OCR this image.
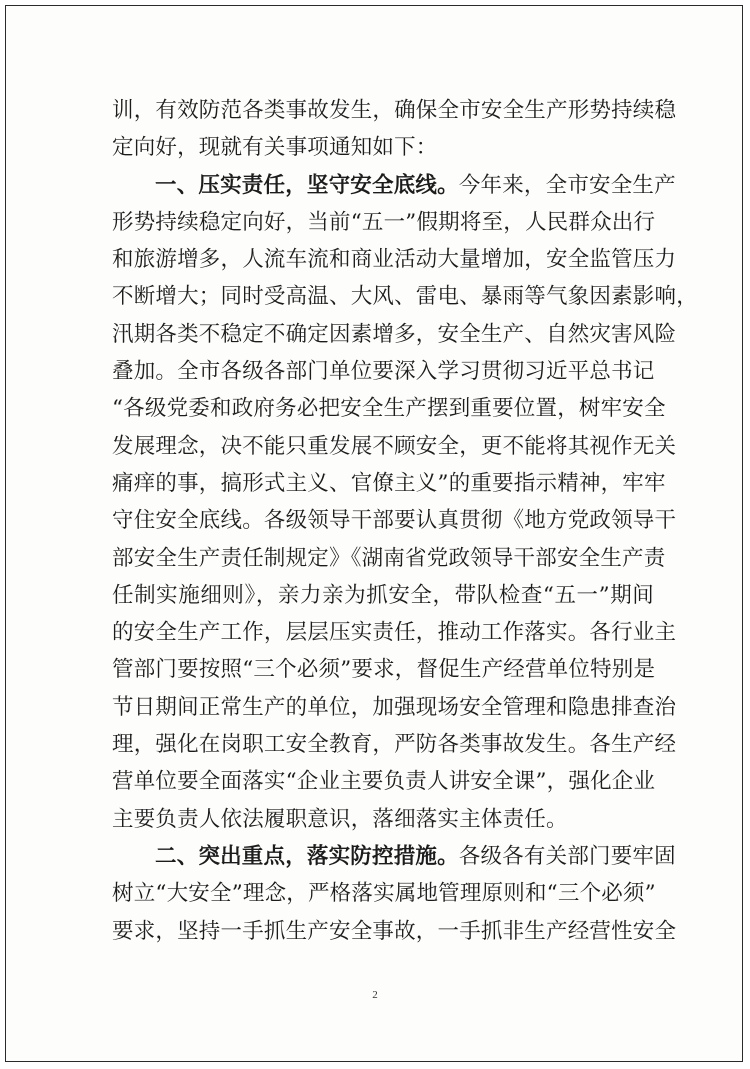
训，有效防范各类事故发生，确保全市安全生产形势持续稳
定向好，现就有关事项通知如下：
一、压实责任，坚守安全底线。今年来，全市安全生产
形势持续稳定向好，当前“五一”假期将至，人民群众出行
和旅游增多，人流车流和商业活动大量增加，安全监管压力
不断增大；同时受高温、大风、雷电、暴雨等气象因素影响，
汛期各类不稳定不确定因素增多，安全生产、自然灾害风险
叠加。全市各级各部门单位要深入学习贯彻习近平总书记
“各级党委和政府务必把安全生产摆到重要位置，树牢安全
发展理念，决不能只重发展不顾安全，更不能将其视作无关
痛痒的事，搞形式主义、官僚主义”的重要指示精神，牢牢
守住安全底线。各级领导干部要认真贯彻《地方党政领导干
部安全生产责任制规定》《湖南省党政领导干部安全生产责
任制实施细则》，亲力亲为抓安全，带队检查“五一”期间
的安全生产工作，层层压实责任，推动工作落实。各行业主
管部门要按照“三个必须”要求，督促生产经营单位特别是
节日期间正常生产的单位，加强现场安全管理和隐患排查治
理，强化在岗职工安全教育，严防各类事故发生。各生产经
营单位要全面落实“企业主要负责人讲安全课”，强化企业
主要负责人依法履职意识，落细落实主体责任。
二、突出重点，落实防控措施。各级各有关部门要牢固
树立“大安全”理念，严格落实属地管理原则和“三个必须”
要求，坚持一手抓生产安全事故，一手抓非生产经营性安全
2
